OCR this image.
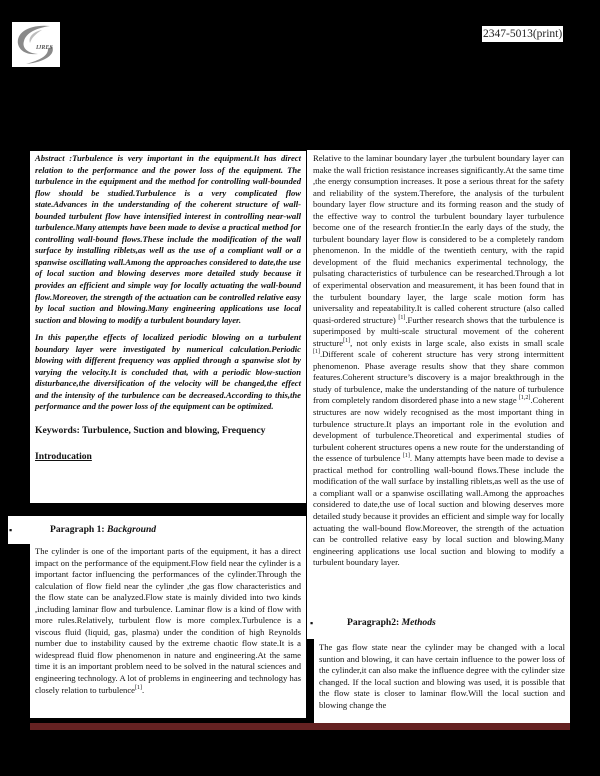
IJRES
2347-5013(print)

Abstract :Turbulence is very important in the equipment.It has direct relation to the performance and the power loss of the equipment. The turbulence in the equipment and the method for controlling wall-bounded flow should be studied.Turbulence is a very complicated flow state.Advances in the understanding of the coherent structure of wall-bounded turbulent flow have intensified interest in controlling near-wall turbulence.Many attempts have been made to devise a practical method for controlling wall-bound flows.These include the modification of the wall surface by installing riblets,as well as the use of a compliant wall or a spanwise oscillating wall.Among the approaches considered to date,the use of local suction and blowing deserves more detailed study because it provides an efficient and simple way for locally actuating the wall-bound flow.Moreover, the strength of the actuation can be controlled relative easy by local suction and blowing.Many engineering applications use local suction and blowing to modify a turbulent boundary layer.

In this paper,the effects of localized periodic blowing on a turbulent boundary layer were investigated by numerical calculation.Periodic blowing with different frequency was applied through a spanwise slot by varying the velocity.It is concluded that, with a periodic blow-suction disturbance,the diversification of the velocity will be changed,the effect and the intensity of the turbulence can be decreased.According to this,the performance and the power loss of the equipment can be optimized.

Keywords: Turbulence, Suction and blowing, Frequency

Introducation

▪	Paragraph 1: Background

The cylinder is one of the important parts of the equipment, it has a direct impact on the performance of the equipment.Flow field near the cylinder is a important factor influencing the performances of the cylinder.Through the calculation of flow field near the cylinder ,the gas flow characteristics and the flow state can be analyzed.Flow state is mainly divided into two kinds ,including laminar flow and turbulence. Laminar flow is a kind of flow with more rules.Relatively, turbulent flow is more complex.Turbulence is a viscous fluid (liquid, gas, plasma) under the condition of high Reynolds number due to instability caused by the extreme chaotic flow state.It is a widespread fluid flow phenomenon in nature and engineering.At the same time it is an important problem need to be solved in the natural sciences and engineering technology. A lot of problems in engineering and technology has closely relation to turbulence[1].

Relative to the laminar boundary layer ,the turbulent boundary layer can make the wall friction resistance increases significantly.At the same time ,the energy consumption increases. It pose a serious threat for the safety and reliability of the system.Therefore, the analysis of the turbulent boundary layer flow structure and its forming reason and the study of the effective way to control the turbulent boundary layer turbulence become one of the research frontier.In the early days of the study, the turbulent boundary layer flow is considered to be a completely random phenomenon. In the middle of the twentieth century, with the rapid development of the fluid mechanics experimental technology, the pulsating characteristics of turbulence can be researched.Through a lot of experimental observation and measurement, it has been found that in the turbulent boundary layer, the large scale motion form has universality and repeatability.It is called coherent structure (also called quasi-ordered structure) [1].Further research shows that the turbulence is superimposed by multi-scale structural movement of the coherent structure[1], not only exists in large scale, also exists in small scale [1].Different scale of coherent structure has very strong intermittent phenomenon. Phase average results show that they share common features.Coherent structure’s discovery is a major breakthrough in the study of turbulence, make the understanding of the nature of turbulence from completely random disordered phase into a new stage [1,2].Coherent structures are now widely recognised as the most important thing in turbulence structure.It plays an important role in the evolution and development of turbulence.Theoretical and experimental studies of turbulent coherent structures opens a new route for the understanding of the essence of turbulence [1]. Many attempts have been made to devise a practical method for controlling wall-bound flows.These include the modification of the wall surface by installing riblets,as well as the use of a compliant wall or a spanwise oscillating wall.Among the approaches considered to date,the use of local suction and blowing deserves more detailed study because it provides an efficient and simple way for locally actuating the wall-bound flow.Moreover, the strength of the actuation can be controlled relative easy by local suction and blowing.Many engineering applications use local suction and blowing to modify a turbulent boundary layer.

▪	Paragraph2: Methods

The gas flow state near the cylinder may be changed with a local suntion and blowing, it can have certain influence to the power loss of the cylinder,it can also make the influence degree with the cylinder size changed. If the local suction and blowing was used, it is possible that the flow state is closer to laminar flow.Will the local suction and blowing change the
